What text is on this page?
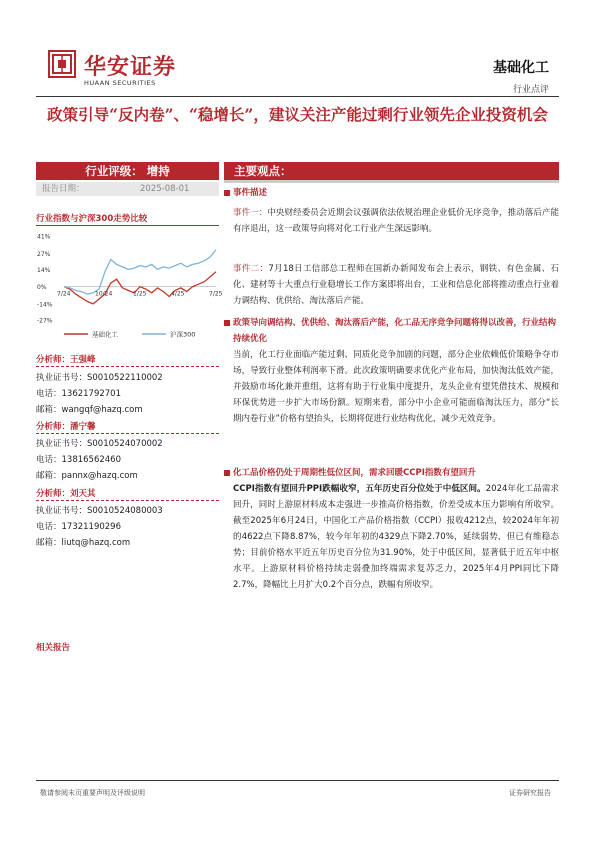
华安证券
HUAAN SECURITIES
基础化工
行业点评
政策引导“反内卷”、“稳增长”，建议关注产能过剩行业领先企业投资机会
行业评级： 增持
报告日期：	2025-08-01
行业指数与沪深300走势比较
41%
27%
14%
0%
-14%
-27%
7/24	10/24	1/25	4/25	7/25
基础化工	沪深300
分析师：王强峰
执业证书号：S0010522110002
电话：13621792701
邮箱：wangqf@hazq.com
分析师：潘宁馨
执业证书号：S0010524070002
电话：13816562460
邮箱：pannx@hazq.com
分析师：刘天其
执业证书号：S0010524080003
电话：17321190296
邮箱：liutq@hazq.com
相关报告
主要观点：
事件描述
事件一：中央财经委员会近期会议强调依法依规治理企业低价无序竞争，推动落后产能有序退出，这一政策导向将对化工行业产生深远影响。
事件二：7月18日工信部总工程师在国新办新闻发布会上表示，钢铁、有色金属、石化、建材等十大重点行业稳增长工作方案即将出台，工业和信息化部将推动重点行业着力调结构、优供给、淘汰落后产能。
政策导向调结构、优供给、淘汰落后产能，化工品无序竞争问题将得以改善，行业结构持续优化
当前，化工行业面临产能过剩、同质化竞争加剧的问题，部分企业依赖低价策略争夺市场，导致行业整体利润率下滑。此次政策明确要求优化产业布局，加快淘汰低效产能，并鼓励市场化兼并重组，这将有助于行业集中度提升，龙头企业有望凭借技术、规模和环保优势进一步扩大市场份额。短期来看，部分中小企业可能面临淘汰压力，部分“长期内卷行业”价格有望抬头，长期将促进行业结构优化，减少无效竞争。
化工品价格仍处于周期性低位区间，需求回暖CCPI指数有望回升
CCPI指数有望回升PPI跌幅收窄，五年历史百分位处于中低区间。2024年化工品需求回升，同时上游原材料成本走强进一步推高价格指数，价差受成本压力影响有所收窄。截至2025年6月24日，中国化工产品价格指数（CCPI）报收4212点，较2024年年初的4622点下降8.87%，较今年年初的4329点下降2.70%，延续弱势，但已有维稳态势；目前价格水平近五年历史百分位为31.90%，处于中低区间，显著低于近五年中枢水平。上游原材料价格持续走弱叠加终端需求复苏乏力，2025年4月PPI同比下降2.7%，降幅比上月扩大0.2个百分点，跌幅有所收窄。
敬请参阅末页重要声明及评级说明	证券研究报告
